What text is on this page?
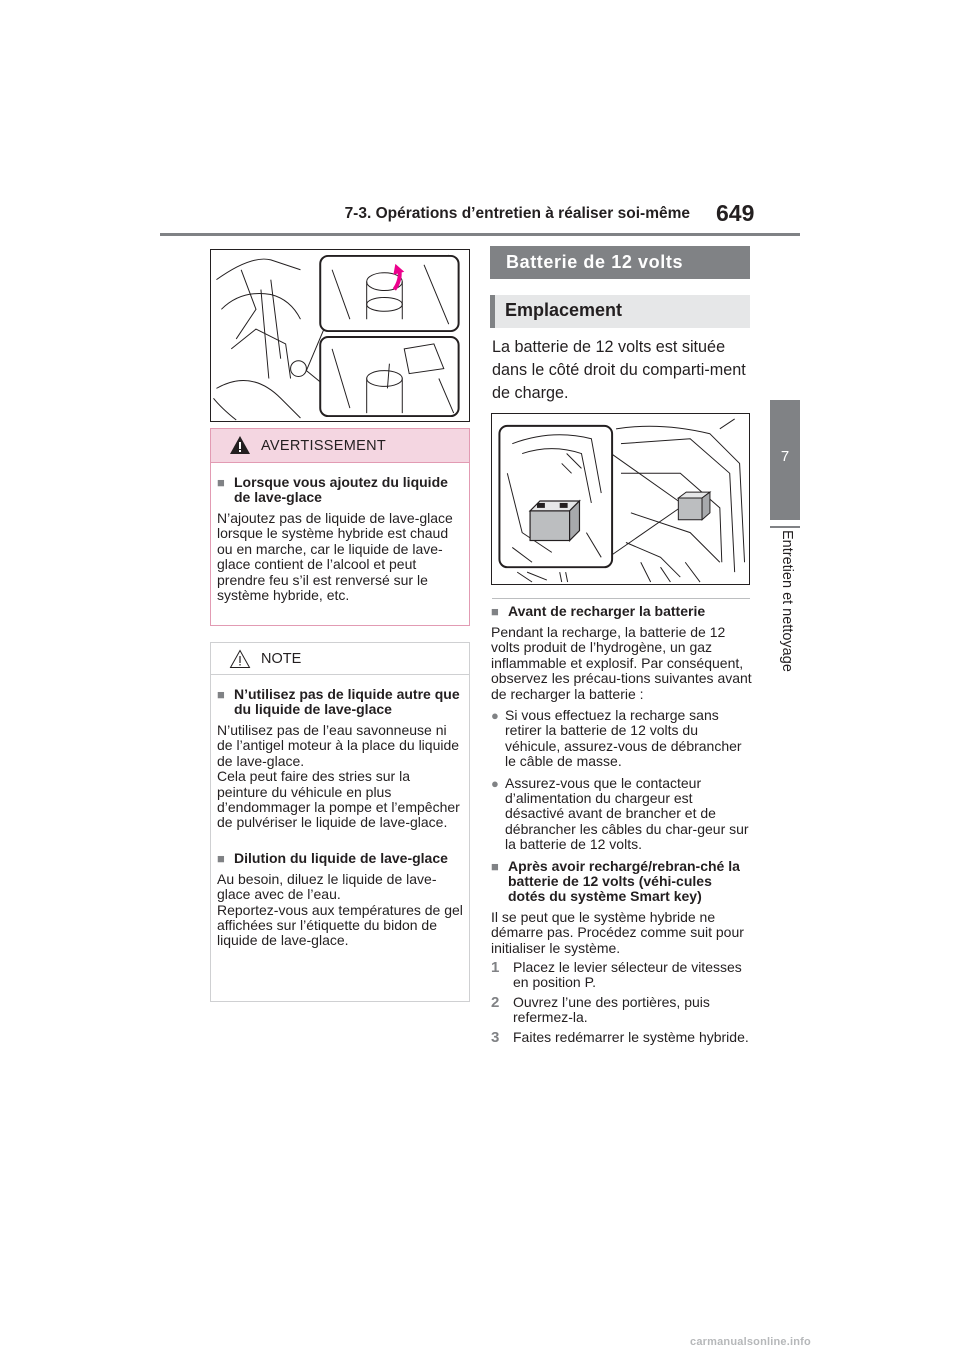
7-3. Opérations d’entretien à réaliser soi-même 649
7
Entretien et nettoyage
AVERTISSEMENT
■ Lorsque vous ajoutez du liquide de lave-glace
N’ajoutez pas de liquide de lave-glace lorsque le système hybride est chaud ou en marche, car le liquide de lave-glace contient de l’alcool et peut prendre feu s’il est renversé sur le système hybride, etc.
NOTE
■ N’utilisez pas de liquide autre que du liquide de lave-glace
N’utilisez pas de l’eau savonneuse ni de l’antigel moteur à la place du liquide de lave-glace.
Cela peut faire des stries sur la peinture du véhicule en plus d’endommager la pompe et l’empêcher de pulvériser le liquide de lave-glace.
■ Dilution du liquide de lave-glace
Au besoin, diluez le liquide de lave-glace avec de l’eau.
Reportez-vous aux températures de gel affichées sur l’étiquette du bidon de liquide de lave-glace.
Batterie de 12 volts
Emplacement
La batterie de 12 volts est située dans le côté droit du comparti-ment de charge.
■ Avant de recharger la batterie
Pendant la recharge, la batterie de 12 volts produit de l’hydrogène, un gaz inflammable et explosif. Par conséquent, observez les précau-tions suivantes avant de recharger la batterie :
● Si vous effectuez la recharge sans retirer la batterie de 12 volts du véhicule, assurez-vous de débrancher le câble de masse.
● Assurez-vous que le contacteur d’alimentation du chargeur est désactivé avant de brancher et de débrancher les câbles du char-geur sur la batterie de 12 volts.
■ Après avoir rechargé/rebran-ché la batterie de 12 volts (véhi-cules dotés du système Smart key)
Il se peut que le système hybride ne démarre pas. Procédez comme suit pour initialiser le système.
1 Placez le levier sélecteur de vitesses en position P.
2 Ouvrez l’une des portières, puis refermez-la.
3 Faites redémarrer le système hybride.
carmanualsonline.info
